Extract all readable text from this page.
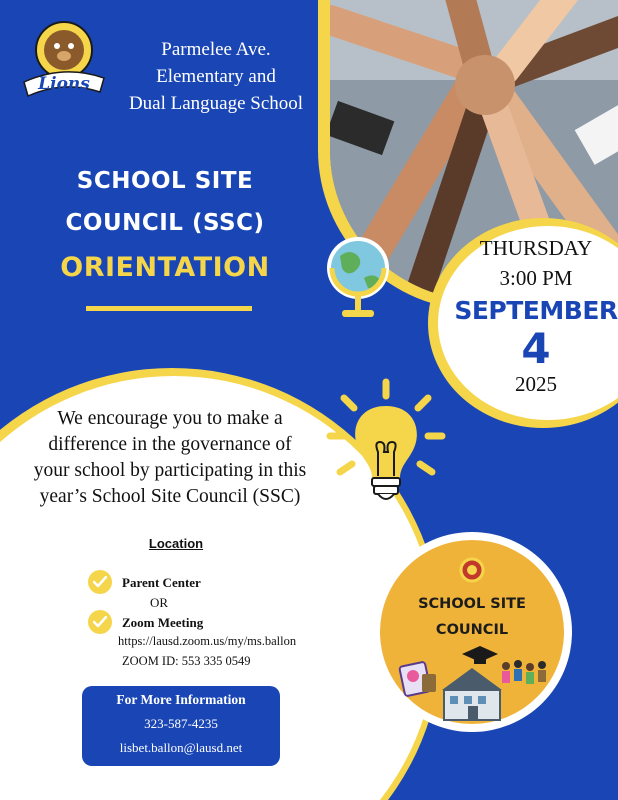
Lions
Parmelee Ave.
Elementary and
Dual Language School
SCHOOL SITE
COUNCIL (SSC)
ORIENTATION
THURSDAY
3:00 PM
SEPTEMBER
4
2025
We encourage you to make a
difference in the governance of
your school by participating in this
year’s School Site Council (SSC)
Location
Parent Center
OR
Zoom Meeting
https://lausd.zoom.us/my/ms.ballon
ZOOM ID: 553 335 0549
For More Information
323-587-4235
lisbet.ballon@lausd.net
SCHOOL SITE
COUNCIL
